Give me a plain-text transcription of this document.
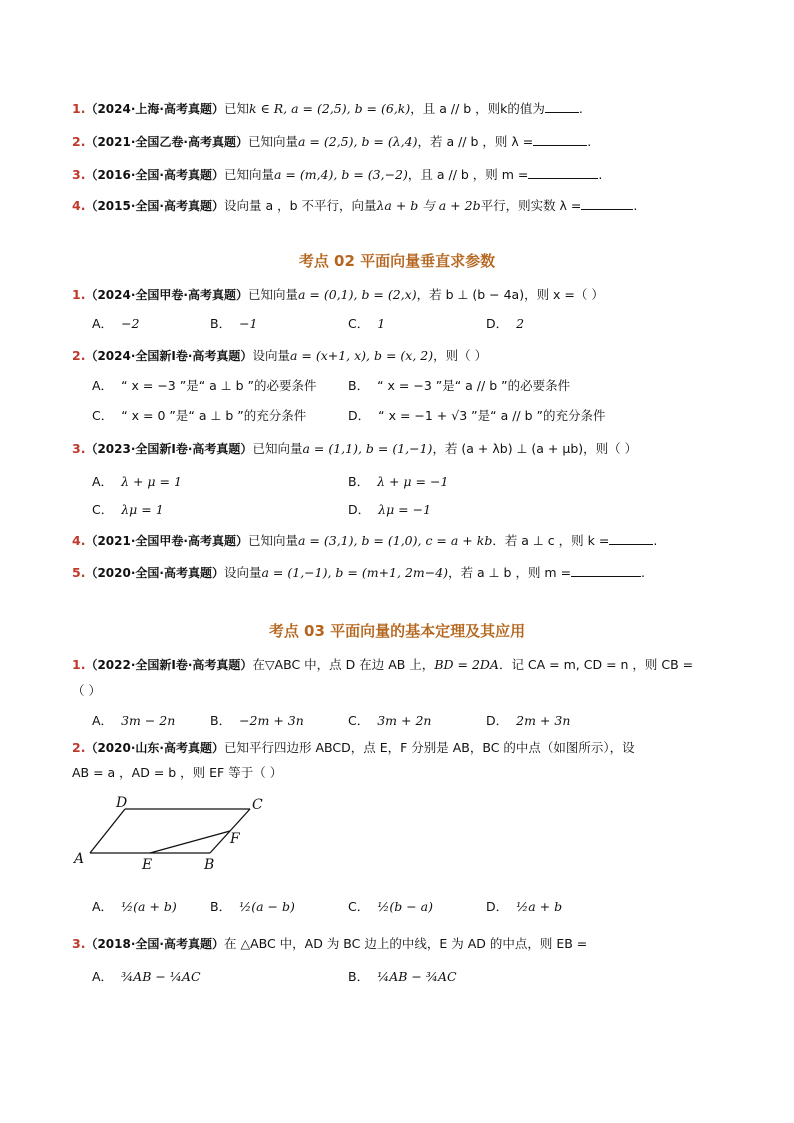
1.（2024·上海·高考真题）已知k ∈ R, a = (2,5), b = (6,k)，且 a // b ，则k的值为	.
2.（2021·全国乙卷·高考真题）已知向量a = (2,5), b = (λ,4)，若 a // b ，则 λ =	.
3.（2016·全国·高考真题）已知向量a = (m,4), b = (3,−2)，且 a // b ，则 m =	.
4.（2015·全国·高考真题）设向量 a ，b 不平行，向量λa + b 与 a + 2b平行，则实数 λ =	.
考点 02 平面向量垂直求参数
1.（2024·全国甲卷·高考真题）已知向量a = (0,1), b = (2,x)，若 b ⊥ (b − 4a)，则 x =（ ）
A． −2	B． −1	C． 1	D． 2
2.（2024·全国新Ⅰ卷·高考真题）设向量a = (x+1, x), b = (x, 2)，则（ ）
A． “ x = −3 ”是“ a ⊥ b ”的必要条件	B． “ x = −3 ”是“ a // b ”的必要条件
C． “ x = 0 ”是“ a ⊥ b ”的充分条件	D． “ x = −1 + √3 ”是“ a // b ”的充分条件
3.（2023·全国新Ⅰ卷·高考真题）已知向量a = (1,1), b = (1,−1)，若 (a + λb) ⊥ (a + μb)，则（ ）
A． λ + μ = 1	B． λ + μ = −1
C． λμ = 1	D． λμ = −1
4.（2021·全国甲卷·高考真题）已知向量a = (3,1), b = (1,0), c = a + kb．若 a ⊥ c ，则 k =	.
5.（2020·全国·高考真题）设向量a = (1,−1), b = (m+1, 2m−4)，若 a ⊥ b ，则 m =	.
考点 03 平面向量的基本定理及其应用
1.（2022·全国新Ⅰ卷·高考真题）在▽ABC 中，点 D 在边 AB 上，BD = 2DA．记 CA = m, CD = n ，则 CB =
（ ）
A． 3m − 2n	B． −2m + 3n	C． 3m + 2n	D． 2m + 3n
2.（2020·山东·高考真题）已知平行四边形 ABCD，点 E，F 分别是 AB，BC 的中点（如图所示），设
AB = a ，AD = b ，则 EF 等于（ ）
A	B
C
D
E
F
A． ½(a + b)	B． ½(a − b)	C． ½(b − a)	D． ½a + b
3.（2018·全国·高考真题）在 △ABC 中，AD 为 BC 边上的中线，E 为 AD 的中点，则 EB =
A． ¾AB − ¼AC	B． ¼AB − ¾AC
